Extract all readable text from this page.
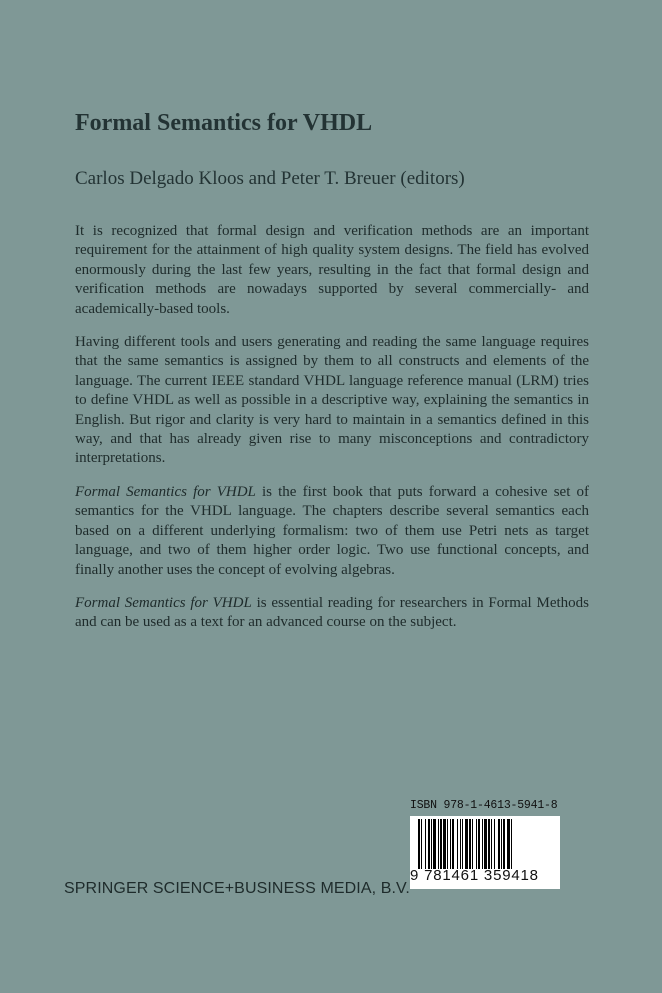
Formal Semantics for VHDL
Carlos Delgado Kloos and Peter T. Breuer (editors)

It is recognized that formal design and verification methods are an important requirement for the attainment of high quality system designs. The field has evolved enormously during the last few years, resulting in the fact that formal design and verification methods are nowadays supported by several commercially- and academically-based tools.

Having different tools and users generating and reading the same language requires that the same semantics is assigned by them to all constructs and elements of the language. The current IEEE standard VHDL language reference manual (LRM) tries to define VHDL as well as possible in a descriptive way, explaining the semantics in English. But rigor and clarity is very hard to maintain in a semantics defined in this way, and that has already given rise to many misconceptions and contradictory interpretations.

Formal Semantics for VHDL is the first book that puts forward a cohesive set of semantics for the VHDL language. The chapters describe several semantics each based on a different underlying formalism: two of them use Petri nets as target language, and two of them higher order logic. Two use functional concepts, and finally another uses the concept of evolving algebras.

Formal Semantics for VHDL is essential reading for researchers in Formal Methods and can be used as a text for an advanced course on the subject.

SPRINGER SCIENCE+BUSINESS MEDIA, B.V.
ISBN 978-1-4613-5941-8
9 781461 359418
